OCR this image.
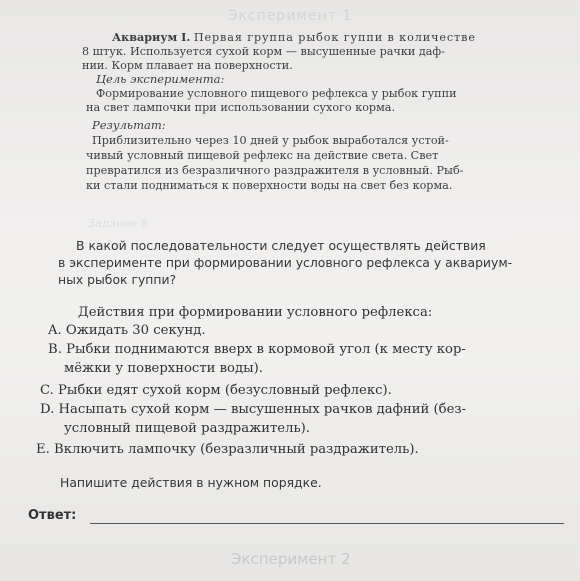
Эксперимент 1
Аквариум I. Первая группа рыбок гуппи в количестве
8 штук. Используется сухой корм — высушенные рачки даф-
нии. Корм плавает на поверхности.
Цель эксперимента:
Формирование условного пищевого рефлекса у рыбок гуппи
на свет лампочки при использовании сухого корма.
Результат:
Приблизительно через 10 дней у рыбок выработался устой-
чивый условный пищевой рефлекс на действие света. Свет
превратился из безразличного раздражителя в условный. Рыб-
ки стали подниматься к поверхности воды на свет без корма.
Задание 8
В какой последовательности следует осуществлять действия
в эксперименте при формировании условного рефлекса у аквариум-
ных рыбок гуппи?
Действия при формировании условного рефлекса:
A. Ожидать 30 секунд.
B. Рыбки поднимаются вверх в кормовой угол (к месту кор-
мёжки у поверхности воды).
C. Рыбки едят сухой корм (безусловный рефлекс).
D. Насыпать сухой корм — высушенных рачков дафний (без-
условный пищевой раздражитель).
E. Включить лампочку (безразличный раздражитель).
Напишите действия в нужном порядке.
Ответ:
Эксперимент 2
